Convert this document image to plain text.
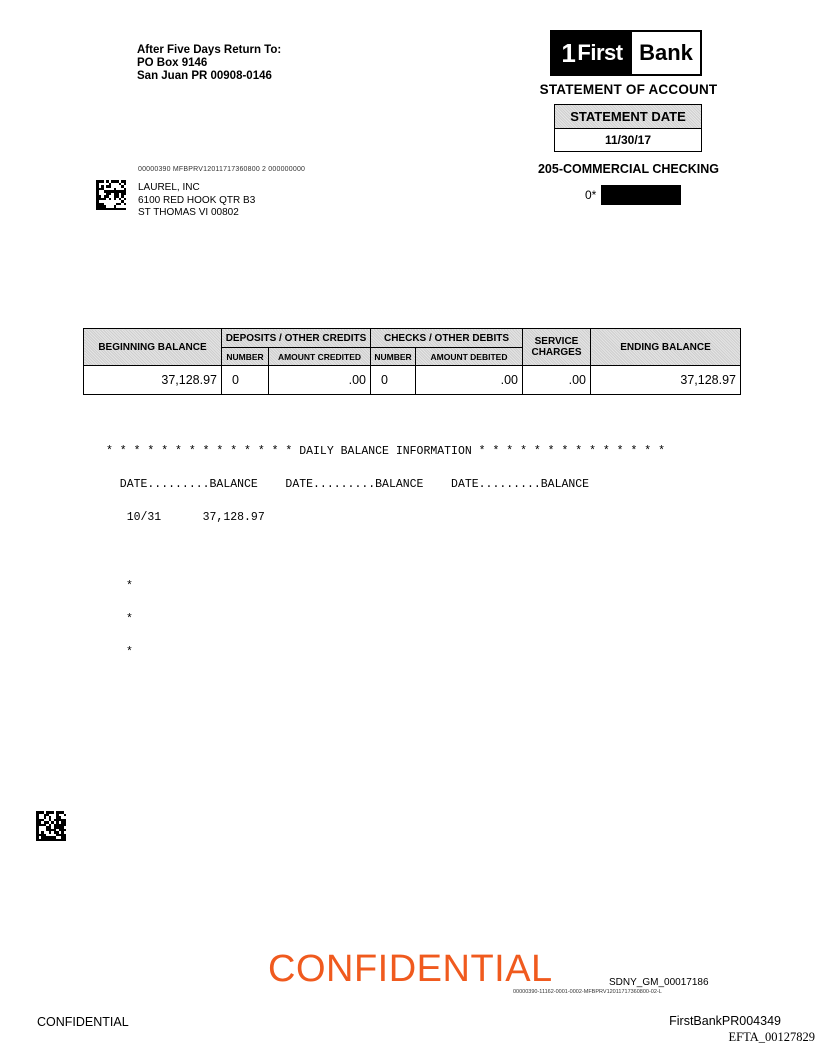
After Five Days Return To:
PO Box 9146
San Juan PR 00908-0146
1 First Bank
STATEMENT OF ACCOUNT
STATEMENT DATE
11/30/17
205-COMMERCIAL CHECKING
0*
00000390 MFBPRV12011717360800 2 000000000
LAUREL, INC
6100 RED HOOK QTR B3
ST THOMAS VI 00802
BEGINNING BALANCE	DEPOSITS / OTHER CREDITS		CHECKS / OTHER DEBITS		SERVICE CHARGES	ENDING BALANCE
	NUMBER	AMOUNT CREDITED	NUMBER	AMOUNT DEBITED		
37,128.97	0	.00	0	.00	.00	37,128.97

* * * * * * * * * * * * * * DAILY BALANCE INFORMATION * * * * * * * * * * * * * *

DATE.........BALANCE    DATE.........BALANCE    DATE.........BALANCE

10/31      37,128.97

*

*

*

CONFIDENTIAL	SDNY_GM_00017186
00000390-11162-0001-0002-MFBPRV12011717360800-02-L
CONFIDENTIAL	FirstBankPR004349
EFTA_00127829
